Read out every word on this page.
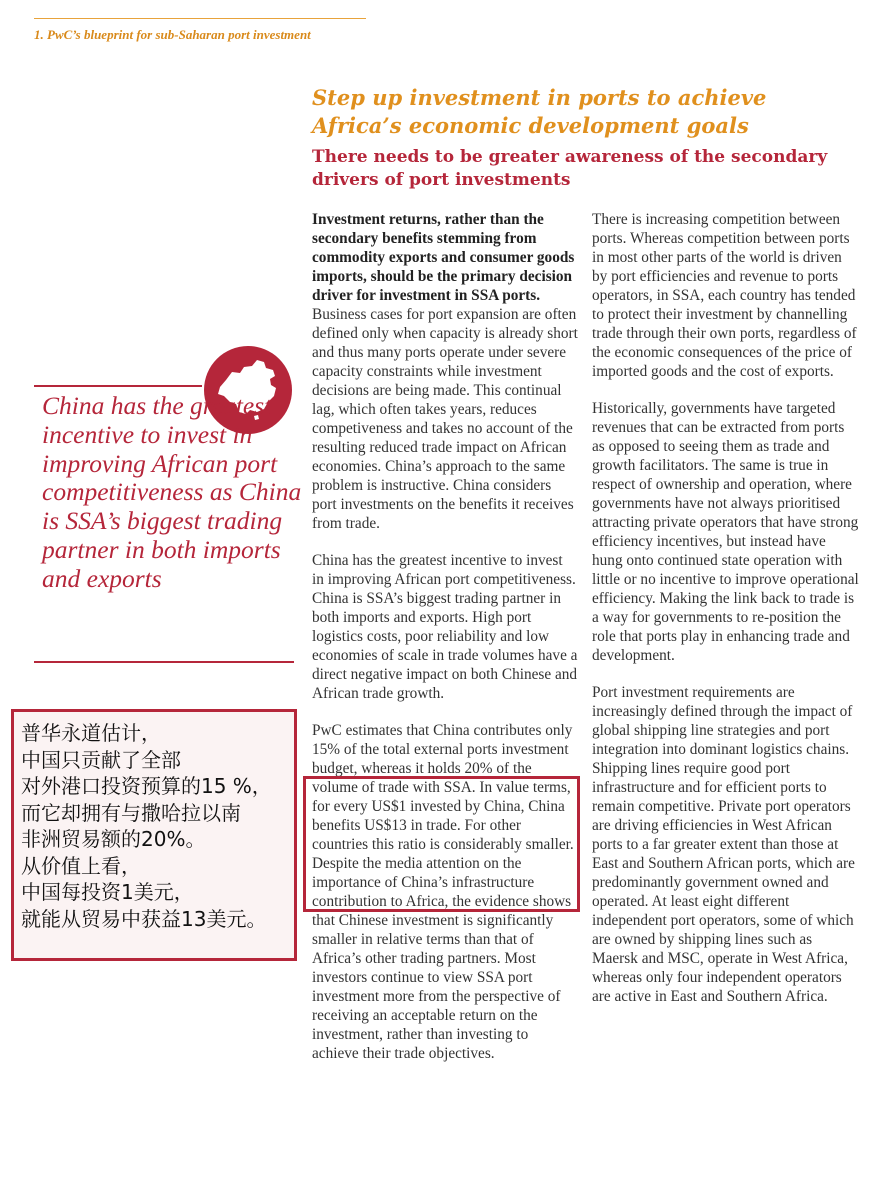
1. PwC’s blueprint for sub-Saharan port investment
Step up investment in ports to achieve Africa’s economic development goals
There needs to be greater awareness of the secondary drivers of port investments

Investment returns, rather than the secondary benefits stemming from commodity exports and consumer goods imports, should be the primary decision driver for investment in SSA ports. Business cases for port expansion are often defined only when capacity is already short and thus many ports operate under severe capacity constraints while investment decisions are being made. This continual lag, which often takes years, reduces competiveness and takes no account of the resulting reduced trade impact on African economies. China’s approach to the same problem is instructive. China considers port investments on the benefits it receives from trade.

China has the greatest incentive to invest in improving African port competitiveness. China is SSA’s biggest trading partner in both imports and exports. High port logistics costs, poor reliability and low economies of scale in trade volumes have a direct negative impact on both Chinese and African trade growth.

PwC estimates that China contributes only 15% of the total external ports investment budget, whereas it holds 20% of the volume of trade with SSA. In value terms, for every US$1 invested by China, China benefits US$13 in trade. For other countries this ratio is considerably smaller. Despite the media attention on the importance of China’s infrastructure contribution to Africa, the evidence shows that Chinese investment is significantly smaller in relative terms than that of Africa’s other trading partners. Most investors continue to view SSA port investment more from the perspective of receiving an acceptable return on the investment, rather than investing to achieve their trade objectives.

There is increasing competition between ports. Whereas competition between ports in most other parts of the world is driven by port efficiencies and revenue to ports operators, in SSA, each country has tended to protect their investment by channelling trade through their own ports, regardless of the economic consequences of the price of imported goods and the cost of exports.

Historically, governments have targeted revenues that can be extracted from ports as opposed to seeing them as trade and growth facilitators. The same is true in respect of ownership and operation, where governments have not always prioritised attracting private operators that have strong efficiency incentives, but instead have hung onto continued state operation with little or no incentive to improve operational efficiency. Making the link back to trade is a way for governments to re-position the role that ports play in enhancing trade and development.

Port investment requirements are increasingly defined through the impact of global shipping line strategies and port integration into dominant logistics chains. Shipping lines require good port infrastructure and for efficient ports to remain competitive. Private port operators are driving efficiencies in West African ports to a far greater extent than those at East and Southern African ports, which are predominantly government owned and operated. At least eight different independent port operators, some of which are owned by shipping lines such as Maersk and MSC, operate in West Africa, whereas only four independent operators are active in East and Southern Africa.

China has the greatest incentive to invest in improving African port competitiveness as China is SSA’s biggest trading partner in both imports and exports
普华永道估计，
中国只贡献了全部
对外港口投资预算的15 %，
而它却拥有与撒哈拉以南
非洲贸易额的20%。
从价值上看，
中国每投资1美元，
就能从贸易中获益13美元。
